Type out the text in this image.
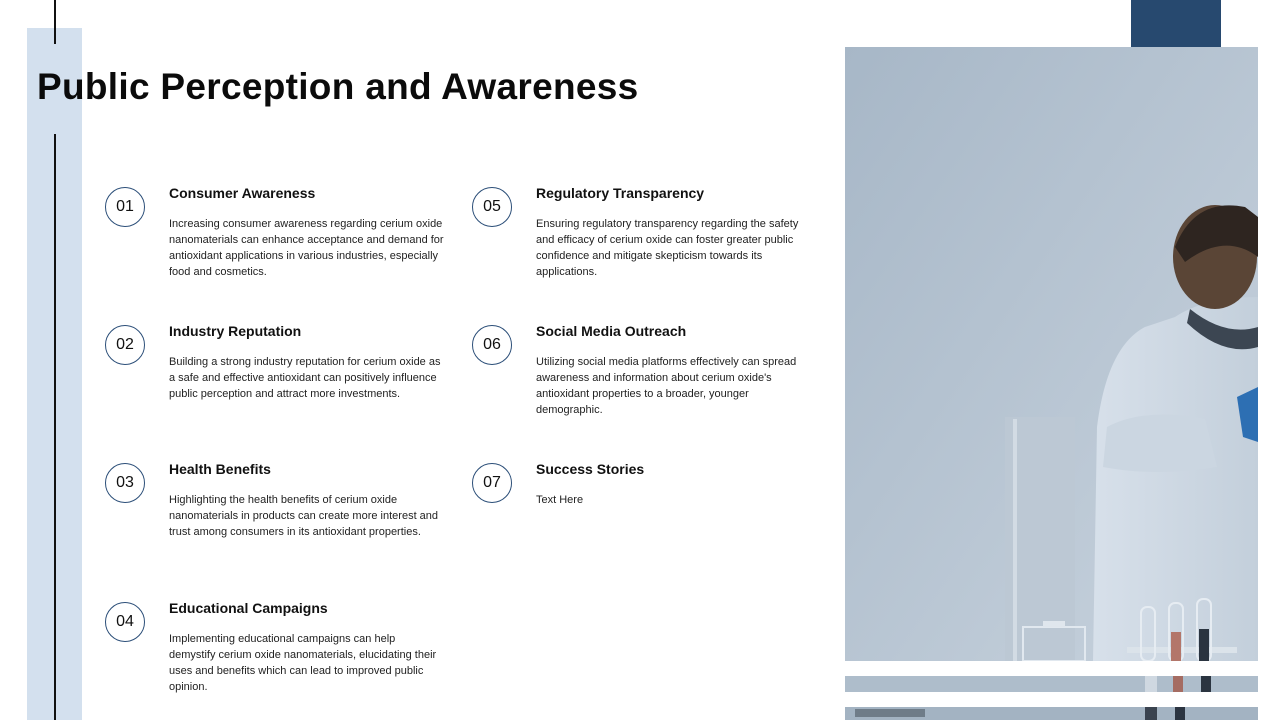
Public Perception and Awareness
01
Consumer Awareness

Increasing consumer awareness regarding cerium oxide nanomaterials can enhance acceptance and demand for antioxidant applications in various industries, especially food and cosmetics.

02
Industry Reputation

Building a strong industry reputation for cerium oxide as a safe and effective antioxidant can positively influence public perception and attract more investments.

03
Health Benefits

Highlighting the health benefits of cerium oxide nanomaterials in products can create more interest and trust among consumers in its antioxidant properties.

04
Educational Campaigns

Implementing educational campaigns can help demystify cerium oxide nanomaterials, elucidating their uses and benefits which can lead to improved public opinion.

05
Regulatory Transparency

Ensuring regulatory transparency regarding the safety and efficacy of cerium oxide can foster greater public confidence and mitigate skepticism towards its applications.

06
Social Media Outreach

Utilizing social media platforms effectively can spread awareness and information about cerium oxide's antioxidant properties to a broader, younger demographic.

07
Success Stories

Text Here
